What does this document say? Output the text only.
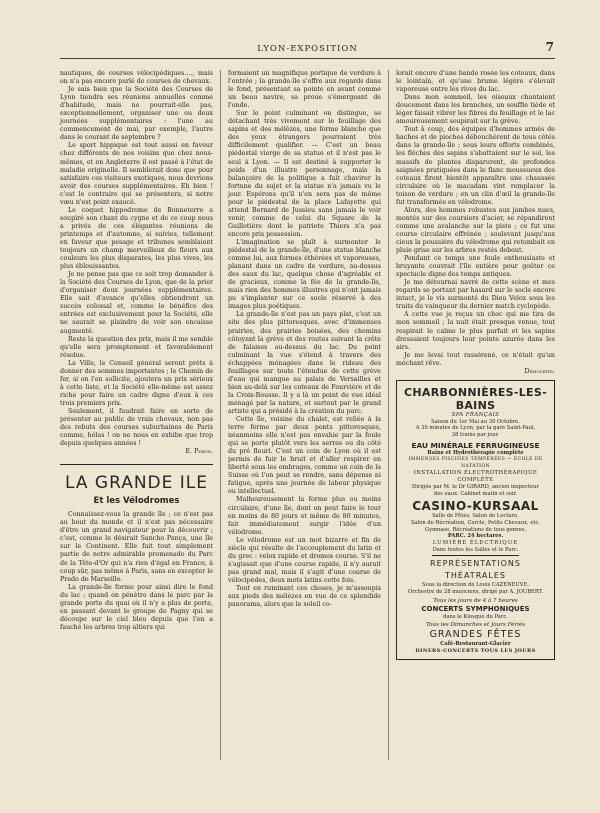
LYON-EXPOSITION	7

nautiques, de courses vélocipédiques...., mais on n'a pas encore parlé de courses de chevaux.

Je sais bien que la Société des Courses de Lyon tiendra ses réunions annuelles comme d'habitude, mais ne pourrait-elle pas, exceptionnellement, organiser une ou deux journées supplémentaires : l'une au commencement de mai, par exemple, l'autre dans le courant de septembre ?

Le sport hippique est tout aussi en faveur chez différents de nos voisins que chez nous-mêmes, et en Angleterre il est passé à l'état de maladie originelle. Il semblerait donc que pour satisfaire ces visiteurs exotiques, nous devrions avoir des courses supplémentaires. Eh bien ! c'est le contraire qui se présentera, si notre vœu n'est point exaucé.

Le coquet hippodrome de Bonneterre a soupiré son chant du cygne et de ce coup nous a privés de ces élégantes réunions de printemps et d'automne, si suivies, tellement en faveur que pesage et tribunes semblaient toujours un champ merveilleux de fleurs aux couleurs les plus disparates, les plus vives, les plus éblouissantes.

Je ne pense pas que ce soit trop demander à la Société des Courses de Lyon, que de la prier d'organiser deux journées supplémentaires. Elle sait d'avance qu'elles obtiendront un succès colossal et, comme le bénéfice des entrées est exclusivement pour la Société, elle ne saurait se plaindre de voir son encaisse augmenté.

Reste la question des prix, mais il me semble qu'elle sera promptement et favorablement résolue.

La Ville, le Conseil général seront prêts à donner des sommes importantes ; le Chemin de fer, si on l'en sollicite, ajoutera un prix sérieux à cette liste, et la Société elle-même est assez riche pour faire un cadre digne d'eux à ces trois premiers prix.

Seulement, il faudrait faire en sorte de présenter au public de vrais chevaux, non pas des rebuts des courses suburbaines de Paris comme, hélas ! on ne nous en exhibe que trop depuis quelques années !

E. Peron.
LA GRANDE ILE
Et les Vélodromes

Connaissez-vous la grande île ; ce n'est pas au bout du monde et il n'est pas nécessaire d'être un grand navigateur pour la découvrir ; c'est, comme le désirait Sancho Pança, une île sur le Continent. Elle fait tout simplement partie de notre admirable promenade du Parc de la Tête-d'Or qui n'a rien d'égal en France, à coup sûr, pas même à Paris, sans en excepter le Prado de Marseille.

La grande-île forme pour ainsi dire le fond du lac ; quand on pénètre dans le parc par la grande porte du quai où il n'y a plus de porte, en passant devant le groupe de Pagny qui se découpe sur le ciel bleu depuis que l'on a fauché les arbres trop altiers qui

formaient un magnifique portique de verdure à l'entrée ; la grande-île s'offre aux regards dans le fond, présentant sa pointe en avant comme un beau navire, sa proue s'émergeant de l'onde.

Sur le point culminant on distingue, se détachant très vivement sur le feuillage des sapins et des mélèzes, une forme blanche que des yeux étrangers pourraient très difficilement qualifier. — C'est un beau piédestal vierge de sa statue et il n'est pas le seul à Lyon. — Il est destiné à supporter le poids d'un illustre personnage, mais la balançoire de la politique a fait chavirer la fortune du sujet et la statue n'a jamais vu le jour. Espérons qu'il n'en sera pas de même pour le piédestal de la place Lafayette qui attend Bernard de Jussieu sans jamais le voir venir, comme de celui du Square de la Guillotière dont le patriote Thiers n'a pas encore pris possession.

L'imagination se plaît à surmonter le piédestal de la grande-île, d'une statue blanche comme lui, aux formes éthérées et vaporeuses, planant dans un cadre de verdure, au-dessus des eaux du lac, quelque chose d'agréable et de gracieux, comme la fée de la grande-île, mais rien des hommes illustres qui n'ont jamais pu s'implanter sur ce socle réservé à des images plus poétiques.

La grande-île n'est pas un pays plat, c'est un site des plus pittoresques, avec d'immenses prairies, des prairies boisées, des chemins côtoyant la grève et des routes suivant la crête de falaises au-dessus du lac. Du point culminant la vue s'étend à travers des échappées ménagées dans le rideau des feuillages sur toute l'étendue de cette grève d'eau qui manque au palais de Versailles et bien au-delà sur les coteaux de Fourvière et de la Croix-Rousse. Il y a là un point de vue idéal ménagé par la nature, et surtout par le grand artiste qui a présidé à la création du parc.

Cette île, voisine du chalet, est reliée à la terre ferme par deux ponts pittoresques, néanmoins elle n'est pas envahie par la foule qui se porte plutôt vers les serres ou du côté du pré fleuri. C'est un coin de Lyon où il est permis de fuir le bruit et d'aller respirer en liberté sous les ombrages, comme un coin de la Suisse où l'on peut se rendre, sans dépense ni fatigue, après une journée de labeur physique ou intellectuel.

Malheureusement la forme plus ou moins circulaire, d'une île, dont on peut faire le tour en moins de 80 jours et même de 80 minutes, fait immédiatement surgir l'idée d'un vélodrome.

Le vélodrome est un mot bizarre et fin de siècle qui résulte de l'accouplement du latin et du grec : velox rapide et dromos course. S'il ne s'agissait que d'une course rapide, il n'y aurait pas grand mal, mais il s'agit d'une course de vélocipèdes, deux mots latins cette fois.

Tout en ruminant ces choses, je m'assoupis aux pieds des mélèzes en vue de ce splendide panorama, alors que le soleil co-

lorait encore d'une bande rosée les coteaux, dans le lointain, et qu'une brume légère s'élevait vaporeuse entre les rives du lac.

Dans mon sommeil, les oiseaux chantaient doucement dans les branches, un souffle tiède et léger faisait vibrer les fibres du feuillage et le lac amoureusement soupirait sur la grève.

Tout à coup, des équipes d'hommes armés de haches et de pioches débouchèrent de tous côtés dans la grande-île ; sous leurs efforts combinés, les flèches des sapins s'abattaient sur le sol, les massifs de plantes disparurent, de profondes saignées pratiquées dans le flanc moussueux des coteaux firent bientôt apparaître une chaussée circulaire où le macadam vint remplacer la toison de verdure ; en un clin d'œil la grande-île fut transformée en vélodrome.

Alors, des hommes robustes aux jambes nues, montés sur des coursiers d'acier, se répandirent comme une avalanche sur la piste ; ce fut une course circulaire effrénée ; soulevant jusqu'aux cieux la poussière du vélodrome qui retombait en pluie grise sur les arbres restés debout.

Pendant ce temps une foule enthousiaste et bruyante couvrait l'île entière pour goûter ce spectacle digne des temps antiques.

Je me détournai navré de cette scène et mes regards se portant par hasard sur le socle encore intact, je le vis surmonté du Dieu Velox sous les traits du vainqueur du dernier match cyclopède.

A cette vue je reçus un choc qui me tira de mon sommeil ; la nuit était presque venue, tout respirait le calme le plus parfait et les sapins dressaient toujours leur pointe azurée dans les airs.

Je me levai tout rassérené, ce n'était qu'un méchant rêve.

Démocrite.
CHARBONNIÈRES-LES-BAINS
SPA FRANÇAIS
Saison du 1er Mai au 30 Octobre.
A 30 minutes de Lyon, par la gare Saint-Paul,
38 trains par jour.
EAU MINÉRALE FERRUGINEUSE
Bains et Hydrothérapie complète
IMMENSES PISCINES TEMPÉRÉES — ÉCOLE DE NATATION
INSTALLATION ÉLECTROTHÉRAPIQUE
COMPLÈTE
Dirigée par M. le Dr GIRARD, ancien inspecteur
des eaux. Cabinet matin et soir.
CASINO-KURSAAL
Salle de Fêtes, Salon de Lecture,
Salon de Récréation, Cercle, Petits Chevaux, etc.
Gymnase, Récréations de tous genres.
PARC. 24 hectares.
LUMIÈRE ÉLECTRIQUE
Dans toutes les Salles et le Parc.
REPRÉSENTATIONS THÉATRALES
Sous la direction de Louis CAZENEUVE.
Orchestre de 28 musiciens, dirigé par A. JOUBERT.
Tous les jours de 4 à 7 heures
CONCERTS SYMPHONIQUES
dans le Kiosque du Parc.
Tous les Dimanches et Jours Fériés
GRANDES FÊTES
Café-Restaurant-Glacier
DINERS-CONCERTS TOUS LES JOURS
